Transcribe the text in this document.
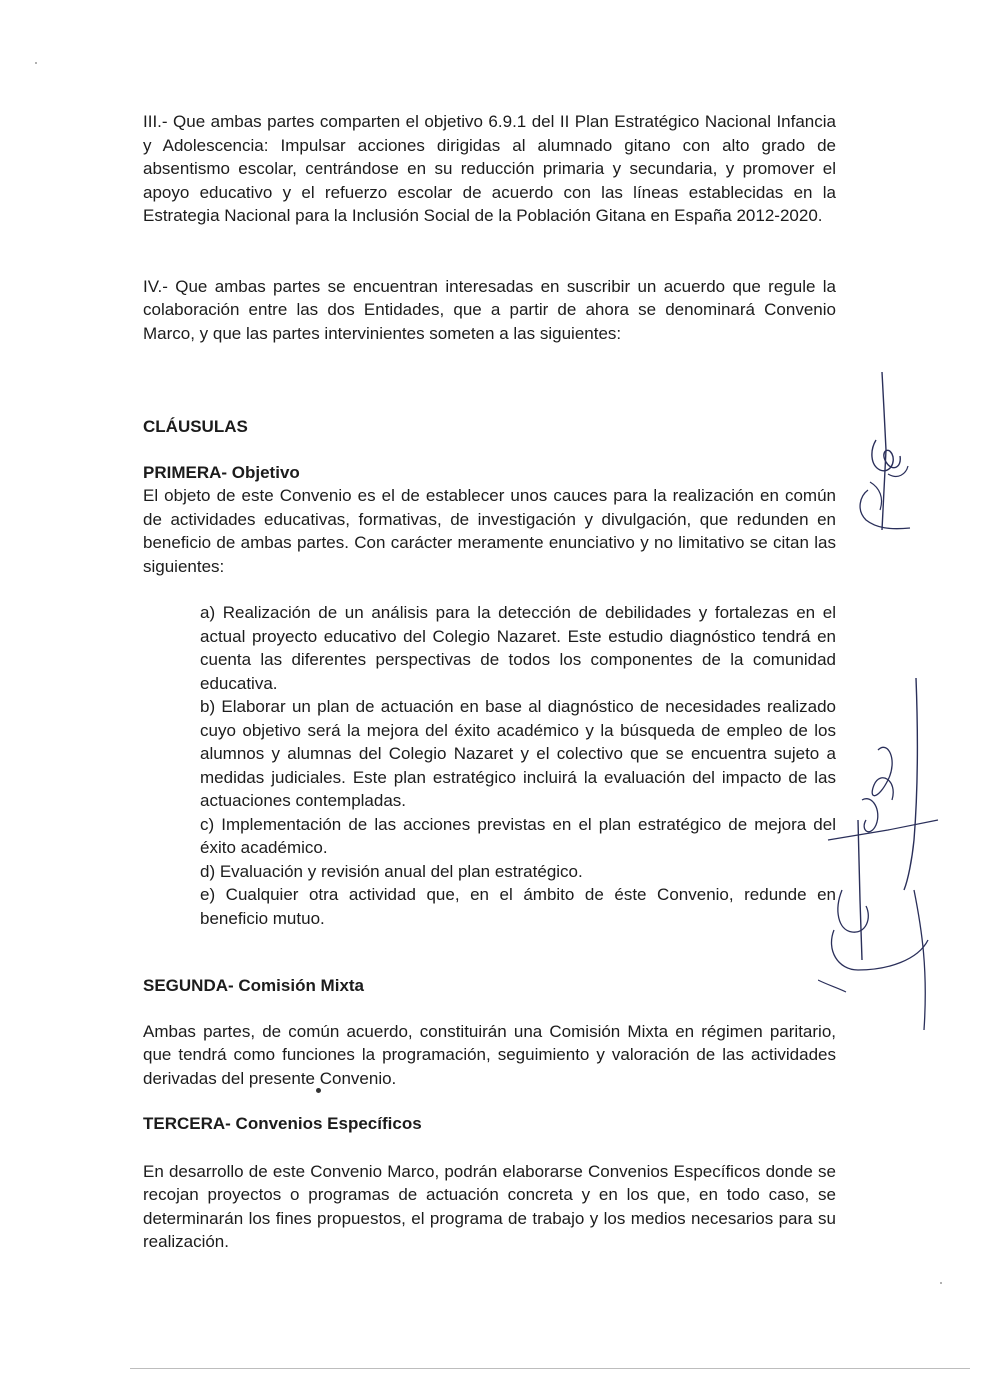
III.- Que ambas partes comparten el objetivo 6.9.1 del II Plan Estratégico Nacional Infancia y Adolescencia: Impulsar acciones dirigidas al alumnado gitano con alto grado de absentismo escolar, centrándose en su reducción primaria y secundaria, y promover el apoyo educativo y el refuerzo escolar de acuerdo con las líneas establecidas en la Estrategia Nacional para la Inclusión Social de la Población Gitana en España 2012-2020.

IV.- Que ambas partes se encuentran interesadas en suscribir un acuerdo que regule la colaboración entre las dos Entidades, que a partir de ahora se denominará Convenio Marco, y que las partes intervinientes someten a las siguientes:

CLÁUSULAS

PRIMERA- Objetivo

El objeto de este Convenio es el de establecer unos cauces para la realización en común de actividades educativas, formativas, de investigación y divulgación, que redunden en beneficio de ambas partes. Con carácter meramente enunciativo y no limitativo se citan las siguientes:

a) Realización de un análisis para la detección de debilidades y fortalezas en el actual proyecto educativo del Colegio Nazaret. Este estudio diagnóstico tendrá en cuenta las diferentes perspectivas de todos los componentes de la comunidad educativa.

b) Elaborar un plan de actuación en base al diagnóstico de necesidades realizado cuyo objetivo será la mejora del éxito académico y la búsqueda de empleo de los alumnos y alumnas del Colegio Nazaret y el colectivo que se encuentra sujeto a medidas judiciales. Este plan estratégico incluirá la evaluación del impacto de las actuaciones contempladas.

c) Implementación de las acciones previstas en el plan estratégico de mejora del éxito académico.

d) Evaluación y revisión anual del plan estratégico.

e) Cualquier otra actividad que, en el ámbito de éste Convenio, redunde en beneficio mutuo.

SEGUNDA- Comisión Mixta

Ambas partes, de común acuerdo, constituirán una Comisión Mixta en régimen paritario, que tendrá como funciones la programación, seguimiento y valoración de las actividades derivadas del presente Convenio.

TERCERA- Convenios Específicos

En desarrollo de este Convenio Marco, podrán elaborarse Convenios Específicos donde se recojan proyectos o programas de actuación concreta y en los que, en todo caso, se determinarán los fines propuestos, el programa de trabajo y los medios necesarios para su realización.
